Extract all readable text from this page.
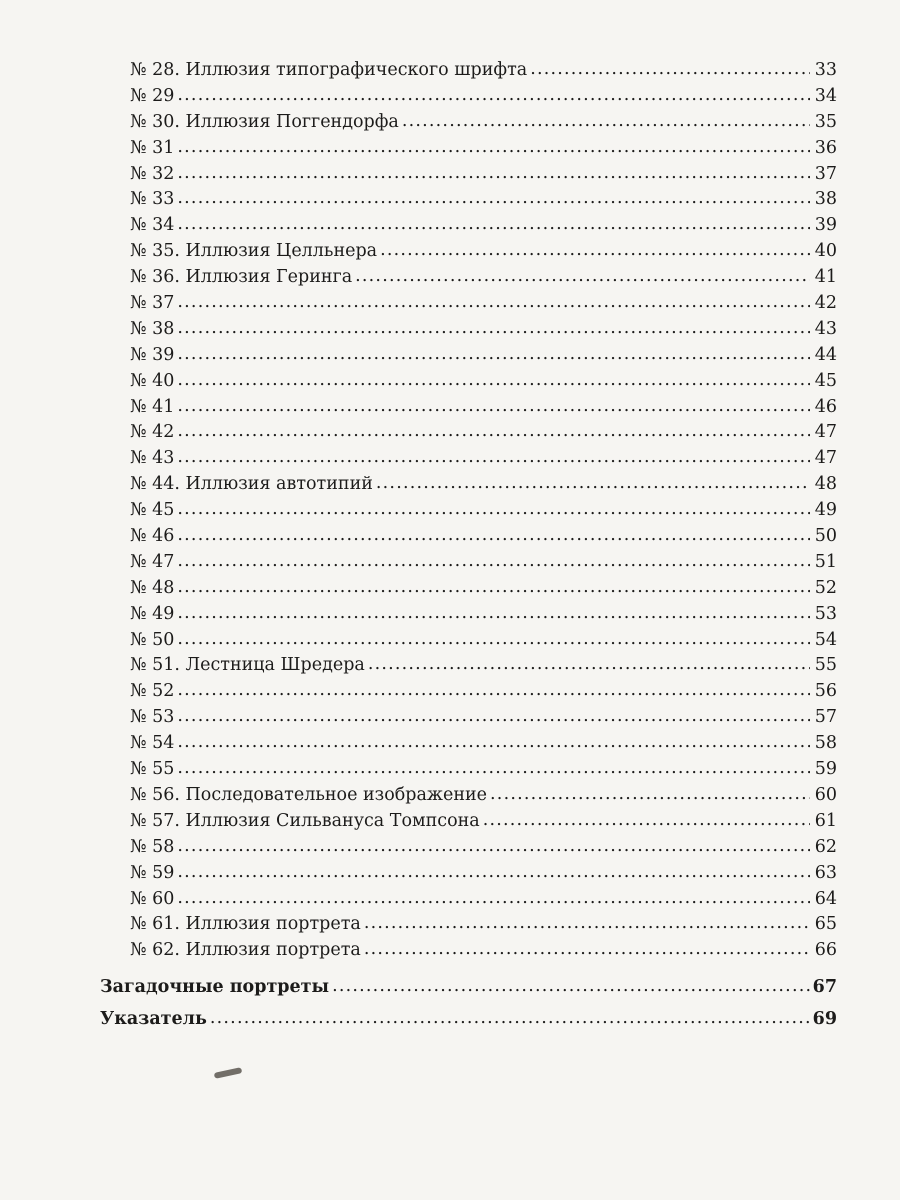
№ 28. Иллюзия типографического шрифта .....	33
№ 29 .....	34
№ 30. Иллюзия Поггендорфа .....	35
№ 31 .....	36
№ 32 .....	37
№ 33 .....	38
№ 34 .....	39
№ 35. Иллюзия Целльнера .....	40
№ 36. Иллюзия Геринга .....	41
№ 37 .....	42
№ 38 .....	43
№ 39 .....	44
№ 40 .....	45
№ 41 .....	46
№ 42 .....	47
№ 43 .....	47
№ 44. Иллюзия автотипий .....	48
№ 45 .....	49
№ 46 .....	50
№ 47 .....	51
№ 48 .....	52
№ 49 .....	53
№ 50 .....	54
№ 51. Лестница Шредера .....	55
№ 52 .....	56
№ 53 .....	57
№ 54 .....	58
№ 55 .....	59
№ 56. Последовательное изображение .....	60
№ 57. Иллюзия Сильвануса Томпсона .....	61
№ 58 .....	62
№ 59 .....	63
№ 60 .....	64
№ 61. Иллюзия портрета .....	65
№ 62. Иллюзия портрета .....	66
Загадочные портреты .....	67
Указатель .....	69
